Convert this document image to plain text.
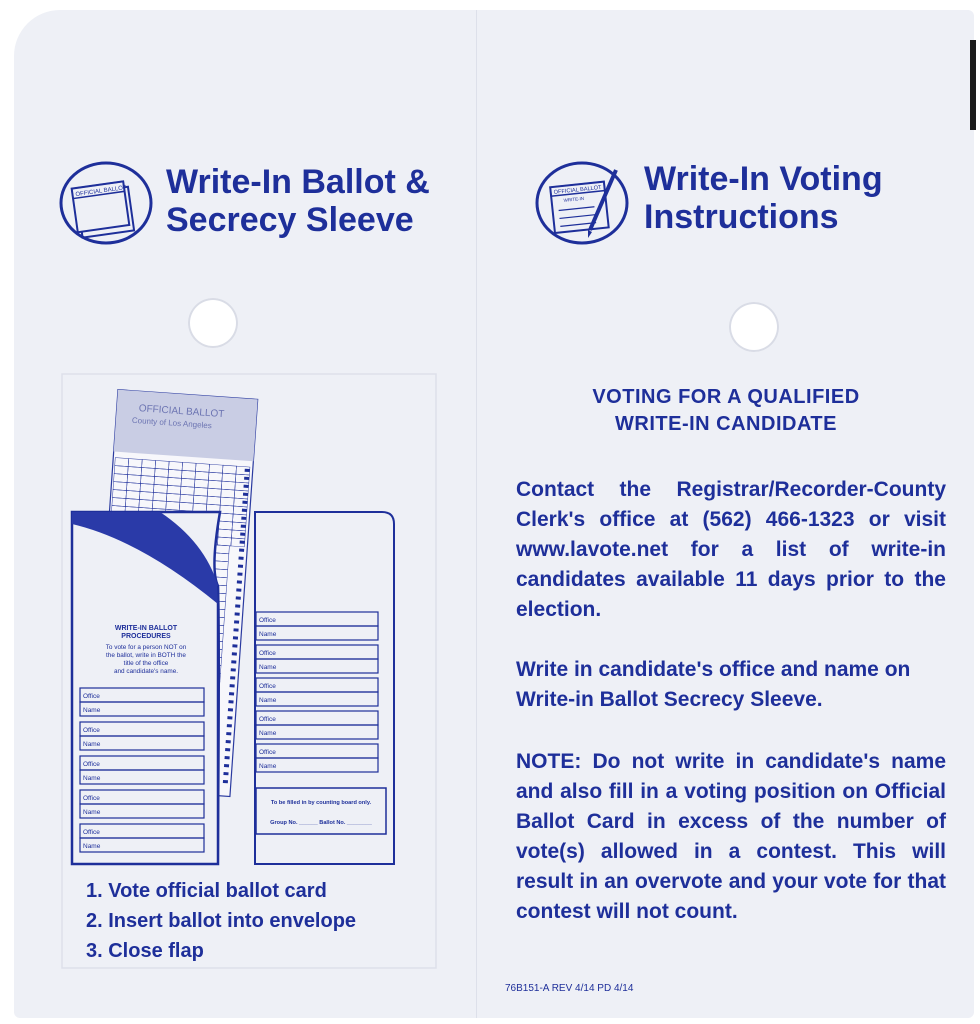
OFFICIAL BALLOT Write-In Ballot &
Secrecy Sleeve
OFFICIAL BALLOT
County of Los Angeles
WRITE-IN BALLOT
PROCEDURES
To vote for a person NOT on
the ballot, write in BOTH the
title of the office
and candidate's name.
Office
Name
Office
Name
Office
Name
Office
Name
Office
Name
Office
Name
Office
Name
Office
Name
Office
Name
Office
Name
To be filled in by counting board only.
Group No. ______ Ballot No. ________
1. Vote official ballot card
2. Insert ballot into envelope
3. Close flap
OFFICIAL BALLOT
WRITE-IN
Write-In Voting
Instructions
VOTING FOR A QUALIFIED
WRITE-IN CANDIDATE
Contact the Registrar/Recorder-County Clerk's office at (562) 466-1323 or visit www.lavote.net for a list of write-in candidates available 11 days prior to the election.
Write in candidate's office and name on Write-in Ballot Secrecy Sleeve.
NOTE: Do not write in candidate's name and also fill in a voting position on Official Ballot Card in excess of the number of vote(s) allowed in a contest. This will result in an overvote and your vote for that contest will not count.
76B151-A REV 4/14 PD 4/14
